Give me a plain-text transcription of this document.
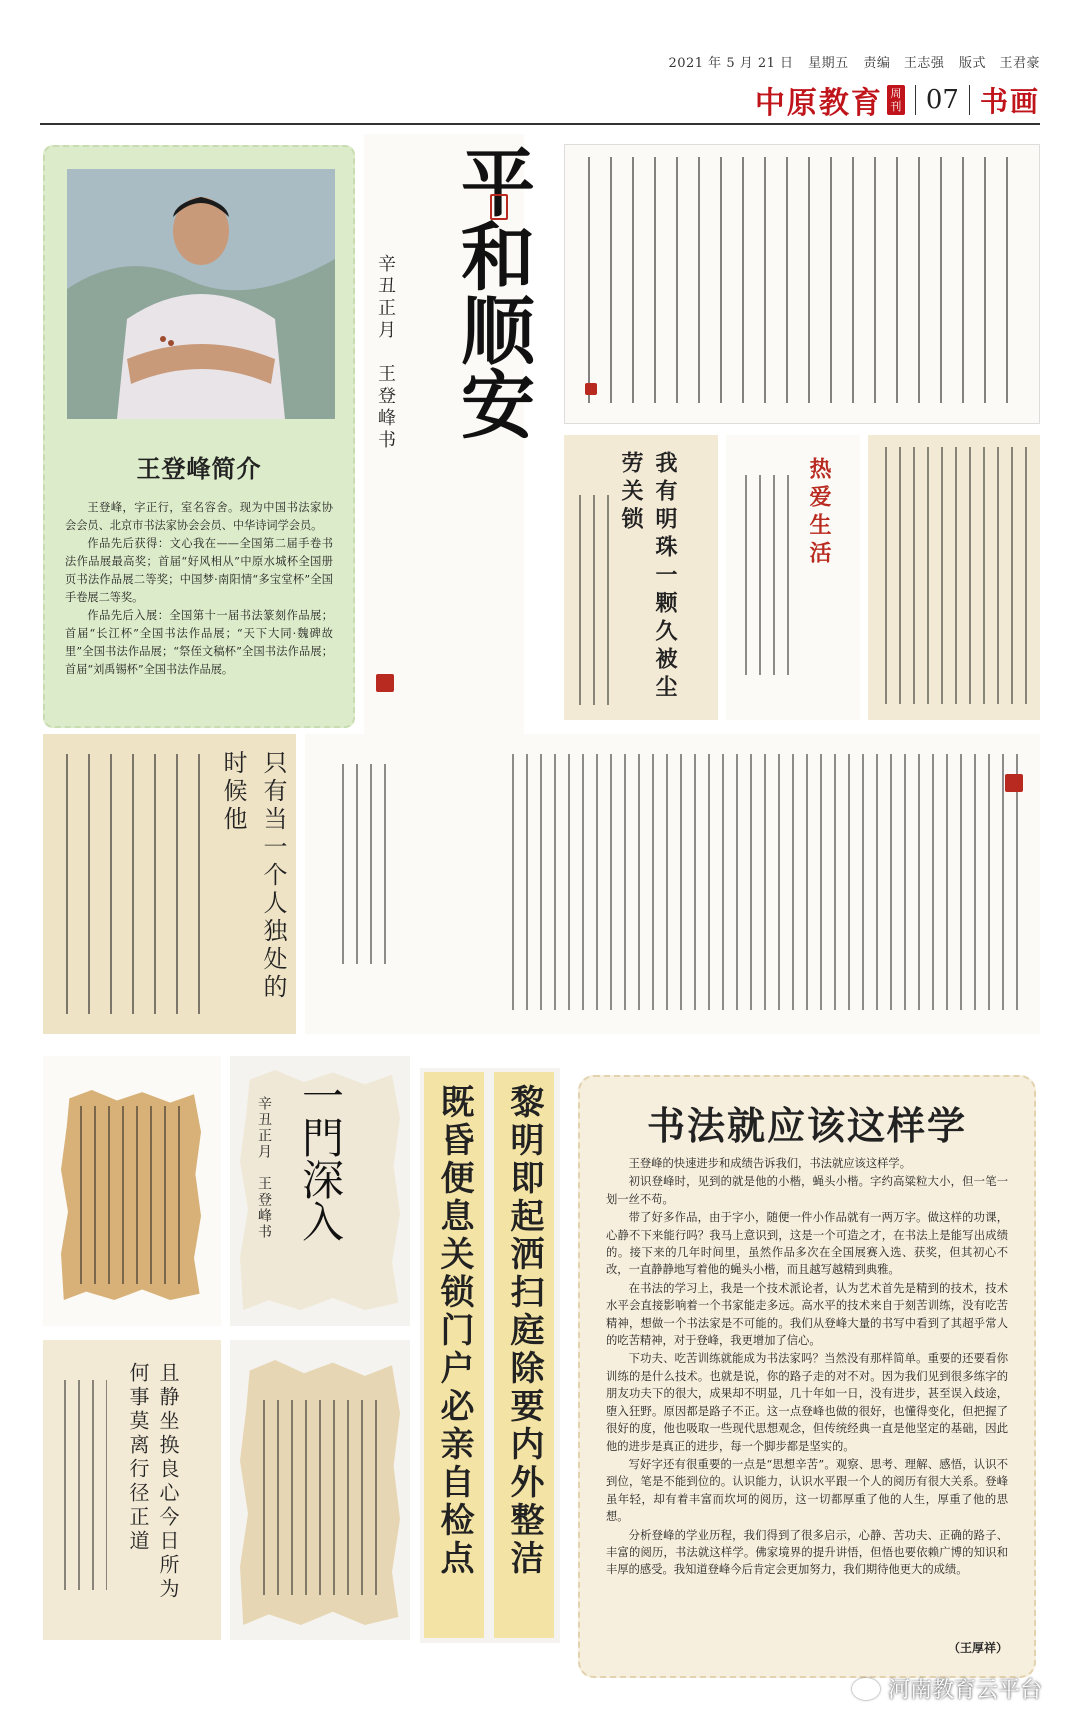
2021 年 5 月 21 日 星期五 责编　王志强 版式　王君豪
中原教育 周刊 07 书画
王登峰简介

王登峰，字正行，室名容舍。现为中国书法家协会会员、北京市书法家协会会员、中华诗词学会员。

作品先后获得：文心我在——全国第二届手卷书法作品展最高奖；首届“好风相从”中原水城杯全国册页书法作品展二等奖；中国梦·南阳情“多宝堂杯”全国手卷展二等奖。

作品先后入展：全国第十一届书法篆刻作品展；首届“长江杯”全国书法作品展；“天下大同·魏碑故里”全国书法作品展；“祭侄文稿杯”全国书法作品展；首届“刘禹锡杯”全国书法作品展。

平和顺安
辛丑正月　王登峰书
我有明珠一颗久被尘劳关锁	热爱生活
只有当一个人独处的时候他
一門深入
辛丑正月　王登峰书
且静坐换良心今日所为何事莫离行径正道	既昏便息关锁门户必亲自检点 黎明即起洒扫庭除要内外整洁	书法就应该这样学

王登峰的快速进步和成绩告诉我们，书法就应该这样学。

初识登峰时，见到的就是他的小楷，蝇头小楷。字约高粱粒大小，但一笔一划一丝不苟。

带了好多作品，由于字小，随便一件小作品就有一两万字。做这样的功课，心静不下来能行吗？我马上意识到，这是一个可造之才，在书法上是能写出成绩的。接下来的几年时间里，虽然作品多次在全国展赛入选、获奖，但其初心不改，一直静静地写着他的蝇头小楷，而且越写越精到典雅。

在书法的学习上，我是一个技术派论者，认为艺术首先是精到的技术，技术水平会直接影响着一个书家能走多远。高水平的技术来自于刻苦训练，没有吃苦精神，想做一个书法家是不可能的。我们从登峰大量的书写中看到了其超乎常人的吃苦精神，对于登峰，我更增加了信心。

下功夫、吃苦训练就能成为书法家吗？当然没有那样简单。重要的还要看你训练的是什么技术。也就是说，你的路子走的对不对。因为我们见到很多练字的朋友功夫下的很大，成果却不明显，几十年如一日，没有进步，甚至误入歧途，堕入狂野。原因都是路子不正。这一点登峰也做的很好，也懂得变化，但把握了很好的度，他也吸取一些现代思想观念，但传统经典一直是他坚定的基础，因此他的进步是真正的进步，每一个脚步都是坚实的。

写好字还有很重要的一点是“思想辛苦”。观察、思考、理解、感悟，认识不到位，笔是不能到位的。认识能力，认识水平跟一个人的阅历有很大关系。登峰虽年轻，却有着丰富而坎坷的阅历，这一切都厚重了他的人生，厚重了他的思想。

分析登峰的学业历程，我们得到了很多启示，心静、苦功夫、正确的路子、丰富的阅历，书法就这样学。佛家境界的提升讲悟，但悟也要依赖广博的知识和丰厚的感受。我知道登峰今后肯定会更加努力，我们期待他更大的成绩。

（王厚祥）
河南教育云平台
